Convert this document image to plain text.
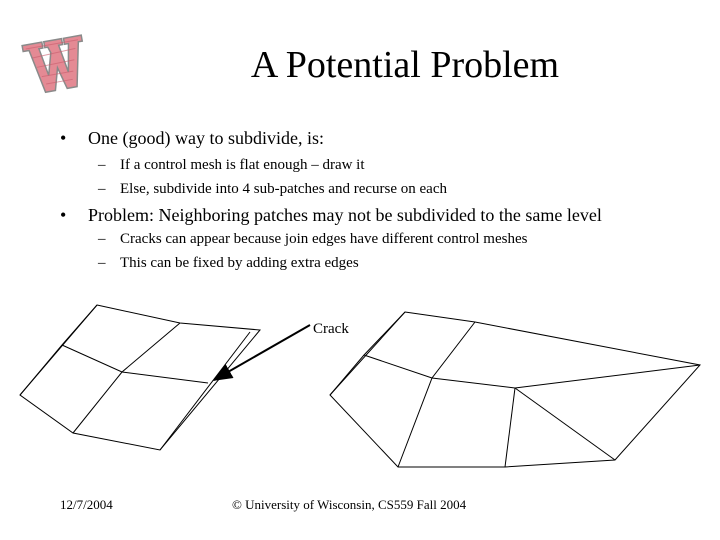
A Potential Problem
• One (good) way to subdivide, is:
– If a control mesh is flat enough – draw it
– Else, subdivide into 4 sub-patches and recurse on each
• Problem: Neighboring patches may not be subdivided to the same level
– Cracks can appear because join edges have different control meshes
– This can be fixed by adding extra edges
Crack
12/7/2004	© University of Wisconsin, CS559 Fall 2004
